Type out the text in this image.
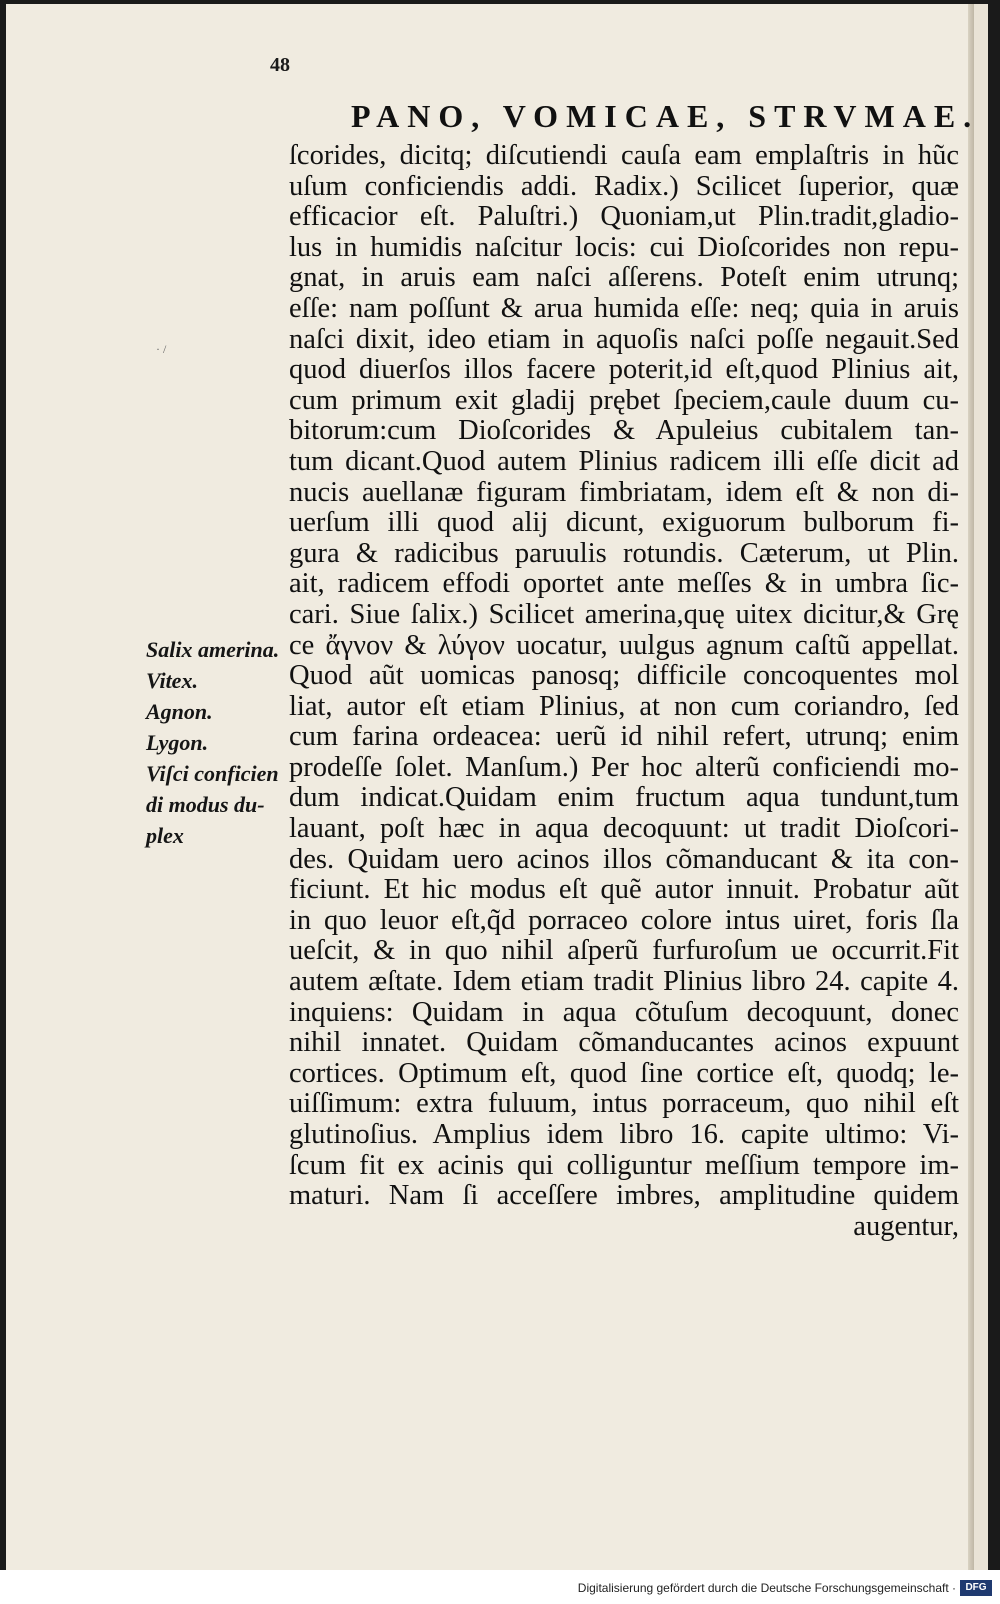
48
PANO, VOMICAE, STRVMAE.
· /
Salix amerina.
Vitex.
Agnon.
Lygon.
Viſci conficien
di modus du-
plex
ſcorides, dicitq; diſcutiendi cauſa eam emplaſtris in hũc
uſum conficiendis addi. Radix.) Scilicet ſuperior, quæ
efficacior eſt. Paluſtri.) Quoniam,ut Plin.tradit,gladio-
lus in humidis naſcitur locis: cui Dioſcorides non repu-
gnat, in aruis eam naſci aſſerens. Poteſt enim utrunq;
eſſe: nam poſſunt & arua humida eſſe: neq; quia in aruis
naſci dixit, ideo etiam in aquoſis naſci poſſe negauit.Sed
quod diuerſos illos facere poterit,id eſt,quod Plinius ait,
cum primum exit gladij prębet ſpeciem,caule duum cu-
bitorum:cum Dioſcorides & Apuleius cubitalem tan-
tum dicant.Quod autem Plinius radicem illi eſſe dicit ad
nucis auellanæ figuram fimbriatam, idem eſt & non di-
uerſum illi quod alij dicunt, exiguorum bulborum fi-
gura & radicibus paruulis rotundis. Cæterum, ut Plin.
ait, radicem effodi oportet ante meſſes & in umbra ſic-
cari. Siue ſalix.) Scilicet amerina,quę uitex dicitur,& Grę
ce ἄγνον & λύγον uocatur, uulgus agnum caſtũ appellat.
Quod aũt uomicas panosq; difficile concoquentes mol
liat, autor eſt etiam Plinius, at non cum coriandro, ſed
cum farina ordeacea: uerũ id nihil refert, utrunq; enim
prodeſſe ſolet. Manſum.) Per hoc alterũ conficiendi mo-
dum indicat.Quidam enim fructum aqua tundunt,tum
lauant, poſt hæc in aqua decoquunt: ut tradit Dioſcori-
des. Quidam uero acinos illos cõmanducant & ita con-
ficiunt. Et hic modus eſt quẽ autor innuit. Probatur aũt
in quo leuor eſt,q̃d porraceo colore intus uiret, foris ſla
ueſcit, & in quo nihil aſperũ furfuroſum ue occurrit.Fit
autem æſtate. Idem etiam tradit Plinius libro 24. capite 4.
inquiens: Quidam in aqua cõtuſum decoquunt, donec
nihil innatet. Quidam cõmanducantes acinos expuunt
cortices. Optimum eſt, quod ſine cortice eſt, quodq; le-
uiſſimum: extra fuluum, intus porraceum, quo nihil eſt
glutinoſius. Amplius idem libro 16. capite ultimo: Vi-
ſcum fit ex acinis qui colliguntur meſſium tempore im-
maturi. Nam ſi acceſſere imbres, amplitudine quidem
augentur,
Digitalisierung gefördert durch die Deutsche Forschungsgemeinschaft · DFG
